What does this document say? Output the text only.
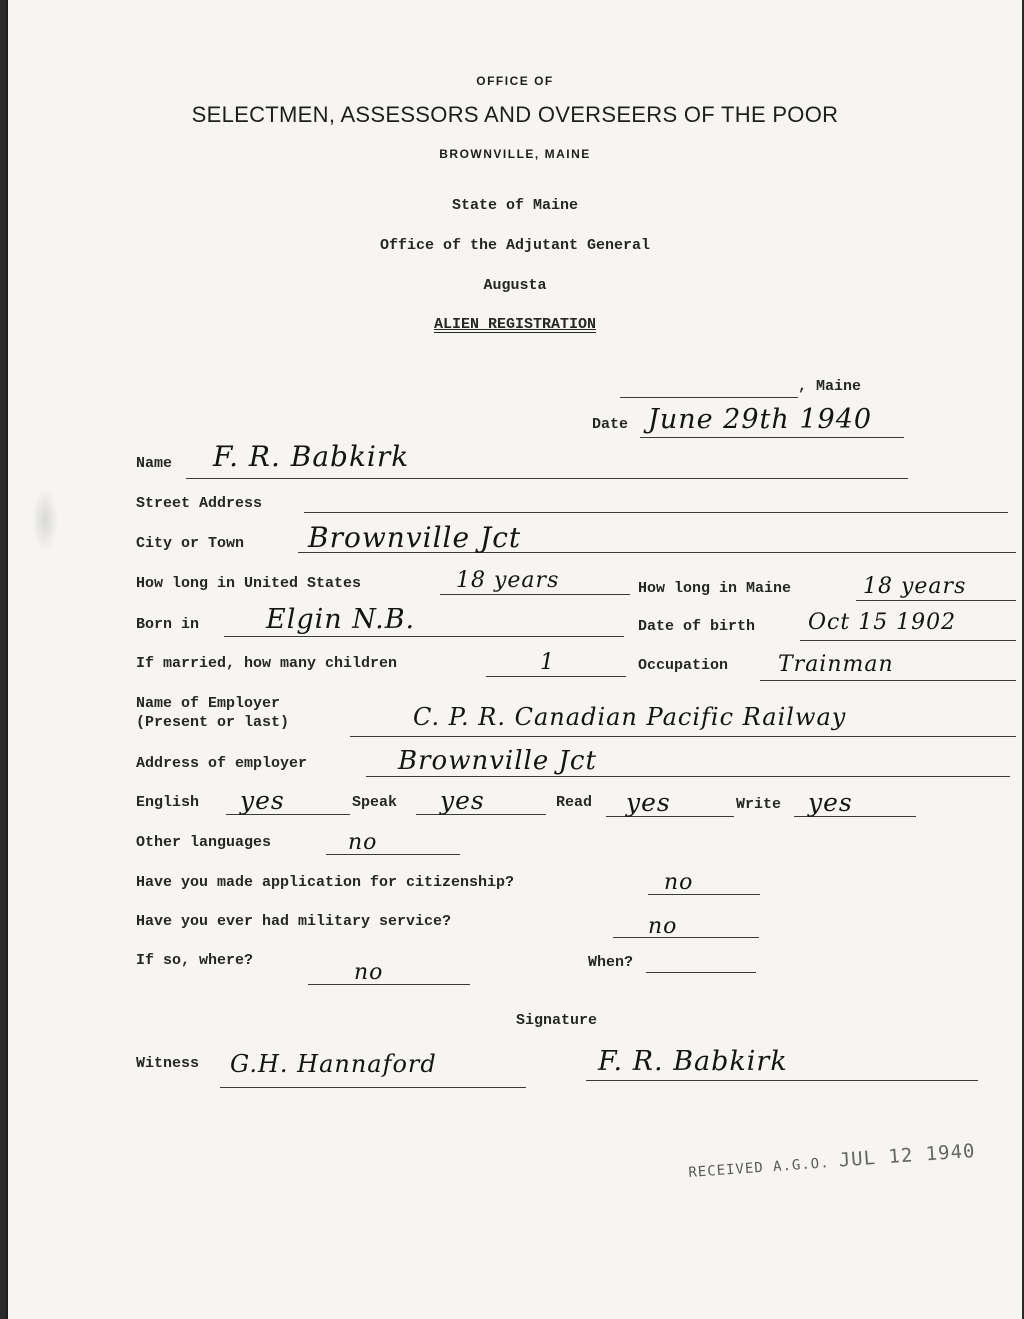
OFFICE OF
SELECTMEN, ASSESSORS AND OVERSEERS OF THE POOR
BROWNVILLE, MAINE
State of Maine
Office of the Adjutant General
Augusta
ALIEN REGISTRATION
, Maine
Date June 29th 1940
Name F. R. Babkirk
Street Address
City or Town Brownville Jct
How long in United States	18 years	How long in Maine	18 years
Born in Elgin N.B.	Date of birth Oct 15 1902
If married, how many children	1	Occupation Trainman
Name of Employer
(Present or last)	C. P. R. Canadian Pacific Railway
Address of employer	Brownville Jct
English yes	Speak yes	Read yes	Write yes
Other languages	no
Have you made application for citizenship?	no
Have you ever had military service?	no
If so, where?	no	When?
Signature
Witness G.H. Hannaford	F. R. Babkirk
RECEIVED A.G.O. JUL 12 1940
